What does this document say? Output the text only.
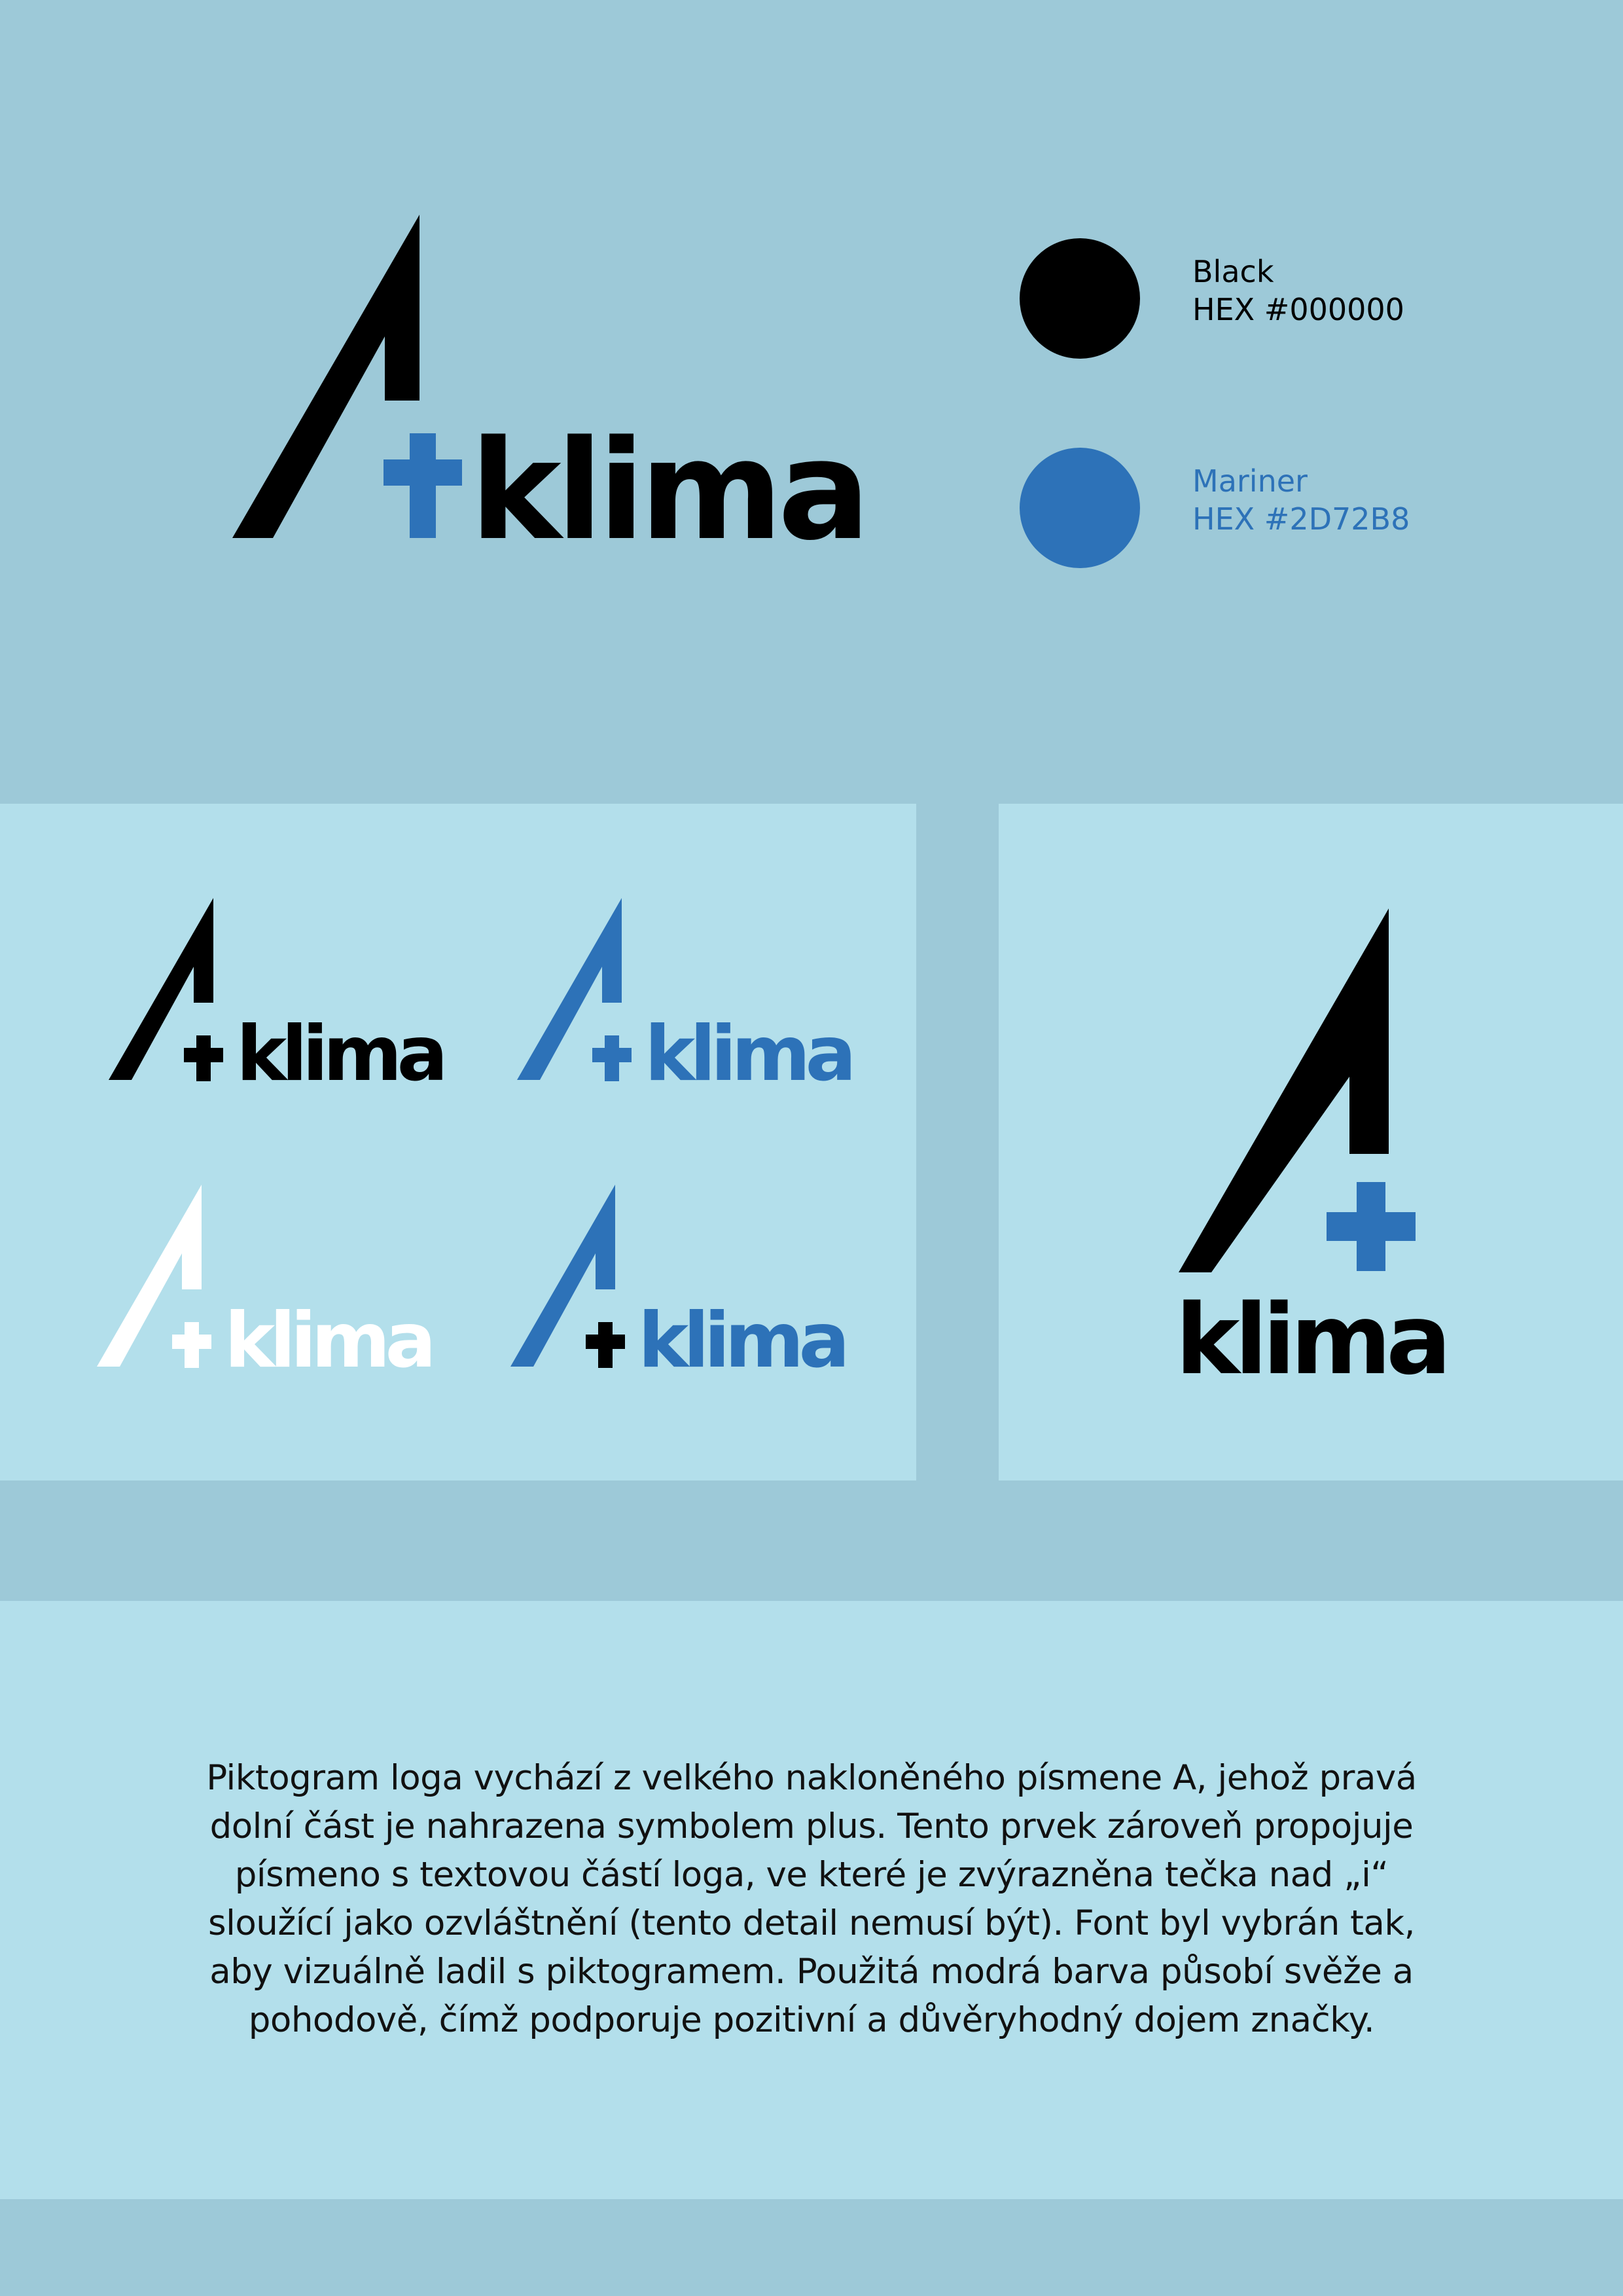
klima
Black
HEX #000000
Mariner
HEX #2D72B8
klima	klima
klima	klima	klima
Piktogram loga vychází z velkého nakloněného písmene A, jehož pravá
dolní část je nahrazena symbolem plus. Tento prvek zároveň propojuje
písmeno s textovou částí loga, ve které je zvýrazněna tečka nad „i“
sloužící jako ozvláštnění (tento detail nemusí být). Font byl vybrán tak,
aby vizuálně ladil s piktogramem. Použitá modrá barva působí svěže a
pohodově, čímž podporuje pozitivní a důvěryhodný dojem značky.
